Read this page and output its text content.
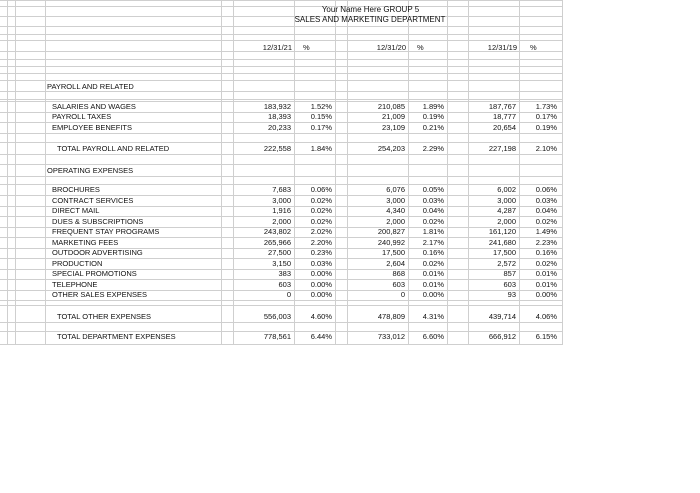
Your Name Here GROUP 5
SALES AND MARKETING DEPARTMENT
12/31/21 %	12/31/20 %	12/31/19 %
PAYROLL AND RELATED
OPERATING EXPENSES
SALARIES AND WAGES	183,932	1.52%	210,085	1.89%	187,767	1.73%
PAYROLL TAXES	18,393	0.15%	21,009	0.19%	18,777	0.17%
EMPLOYEE BENEFITS	20,233	0.17%	23,109	0.21%	20,654	0.19%
TOTAL PAYROLL AND RELATED	222,558	1.84%	254,203	2.29%	227,198	2.10%
BROCHURES	7,683	0.06%	6,076	0.05%	6,002	0.06%
CONTRACT SERVICES	3,000	0.02%	3,000	0.03%	3,000	0.03%
DIRECT MAIL	1,916	0.02%	4,340	0.04%	4,287	0.04%
DUES & SUBSCRIPTIONS	2,000	0.02%	2,000	0.02%	2,000	0.02%
FREQUENT STAY PROGRAMS	243,802	2.02%	200,827	1.81%	161,120	1.49%
MARKETING FEES	265,966	2.20%	240,992	2.17%	241,680	2.23%
OUTDOOR ADVERTISING	27,500	0.23%	17,500	0.16%	17,500	0.16%
PRODUCTION	3,150	0.03%	2,604	0.02%	2,572	0.02%
SPECIAL PROMOTIONS	383	0.00%	868	0.01%	857	0.01%
TELEPHONE	603	0.00%	603	0.01%	603	0.01%
OTHER SALES EXPENSES	0	0.00%	0	0.00%	93	0.00%
TOTAL OTHER EXPENSES	556,003	4.60%	478,809	4.31%	439,714	4.06%
TOTAL DEPARTMENT EXPENSES	778,561	6.44%	733,012	6.60%	666,912	6.15%
